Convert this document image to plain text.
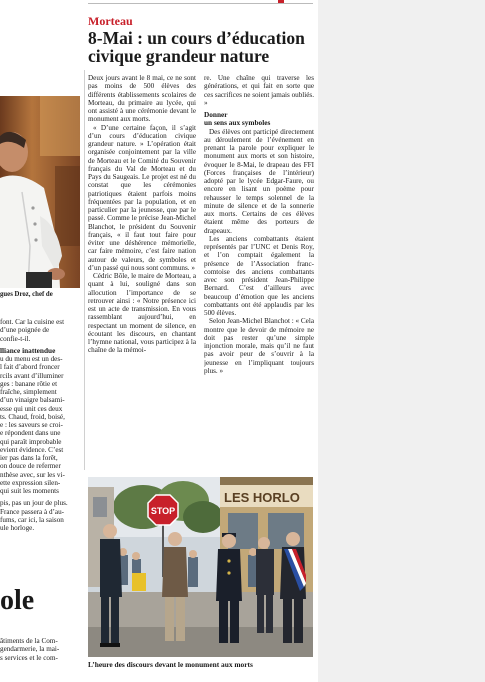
gues Droz, chef de

font. Car la cuisine est

d’une poignée de

confie-t-il.

lliance inattendue

u du menu est un des-

l fait d’abord froncer

rcils avant d’illuminer

ges : banane rôtie et

fraîche, simplement

d’un vinaigre balsami-

esse qui unit ces deux

ts. Chaud, froid, boisé,

e : les saveurs se croi-

e répondent dans une

qui paraît improbable

evient évidence. C’est

ier pas dans la forêt,

on douce de refermer

nthèse avec, sur les vi-

ette expression silen-

qui suit les moments

pis, pas un jour de plus.

France passera à d’au-

fums, car ici, la saison

ule horloge.

ole

âtiments de la Com-

gendarmerie, la mai-

s services et le com-

Morteau
8-Mai : un cours d’éducation civique grandeur nature

Deux jours avant le 8 mai, ce ne sont pas moins de 500 élèves des différents établissements scolaires de Morteau, du primaire au lycée, qui ont assisté à une cérémonie devant le monument aux morts.

« D’une certaine façon, il s’agit d’un cours d’éducation civique grandeur nature. » L’opération était organisée conjointement par la ville de Morteau et le Comité du Souvenir français du Val de Morteau et du Pays du Saugeais. Le projet est né du constat que les cérémonies patriotiques étaient parfois moins fréquentées par la population, et en particulier par la jeunesse, que par le passé. Comme le précise Jean-Michel Blanchot, le président du Souvenir français, « il faut tout faire pour éviter une déshérence mémorielle, car faire mémoire, c’est faire nation autour de valeurs, de symboles et d’un passé qui nous sont communs. »

Cédric Bôle, le maire de Morteau, a quant à lui, souligné dans son allocution l’importance de se retrouver ainsi : « Notre présence ici est un acte de transmission. En vous rassemblant aujourd’hui, en respectant un moment de silence, en écoutant les discours, en chantant l’hymne national, vous participez à la chaîne de la mémoi-

re. Une chaîne qui traverse les générations, et qui fait en sorte que ces sacrifices ne soient jamais oubliés. »

Donner
un sens aux symboles

Des élèves ont participé directement au déroulement de l’événement en prenant la parole pour expliquer le monument aux morts et son histoire, évoquer le 8-Mai, le drapeau des FFI (Forces françaises de l’intérieur) adopté par le lycée Edgar-Faure, ou encore en lisant un poème pour rehausser le temps solennel de la minute de silence et de la sonnerie aux morts. Certains de ces élèves étaient même des porteurs de drapeaux.

Les anciens combattants étaient représentés par l’UNC et Denis Roy, et l’on comptait également la présence de l’Association franc-comtoise des anciens combattants avec son président Jean-Philippe Bernard. C’est d’ailleurs avec beaucoup d’émotion que les anciens combattants ont été applaudis par les 500 élèves.

Selon Jean-Michel Blanchot : « Cela montre que le devoir de mémoire ne doit pas rester qu’une simple injonction morale, mais qu’il ne faut pas avoir peur de s’ouvrir à la jeunesse en l’impliquant toujours plus. »

LES HORLO
STOP
L’heure des discours devant le monument aux morts
